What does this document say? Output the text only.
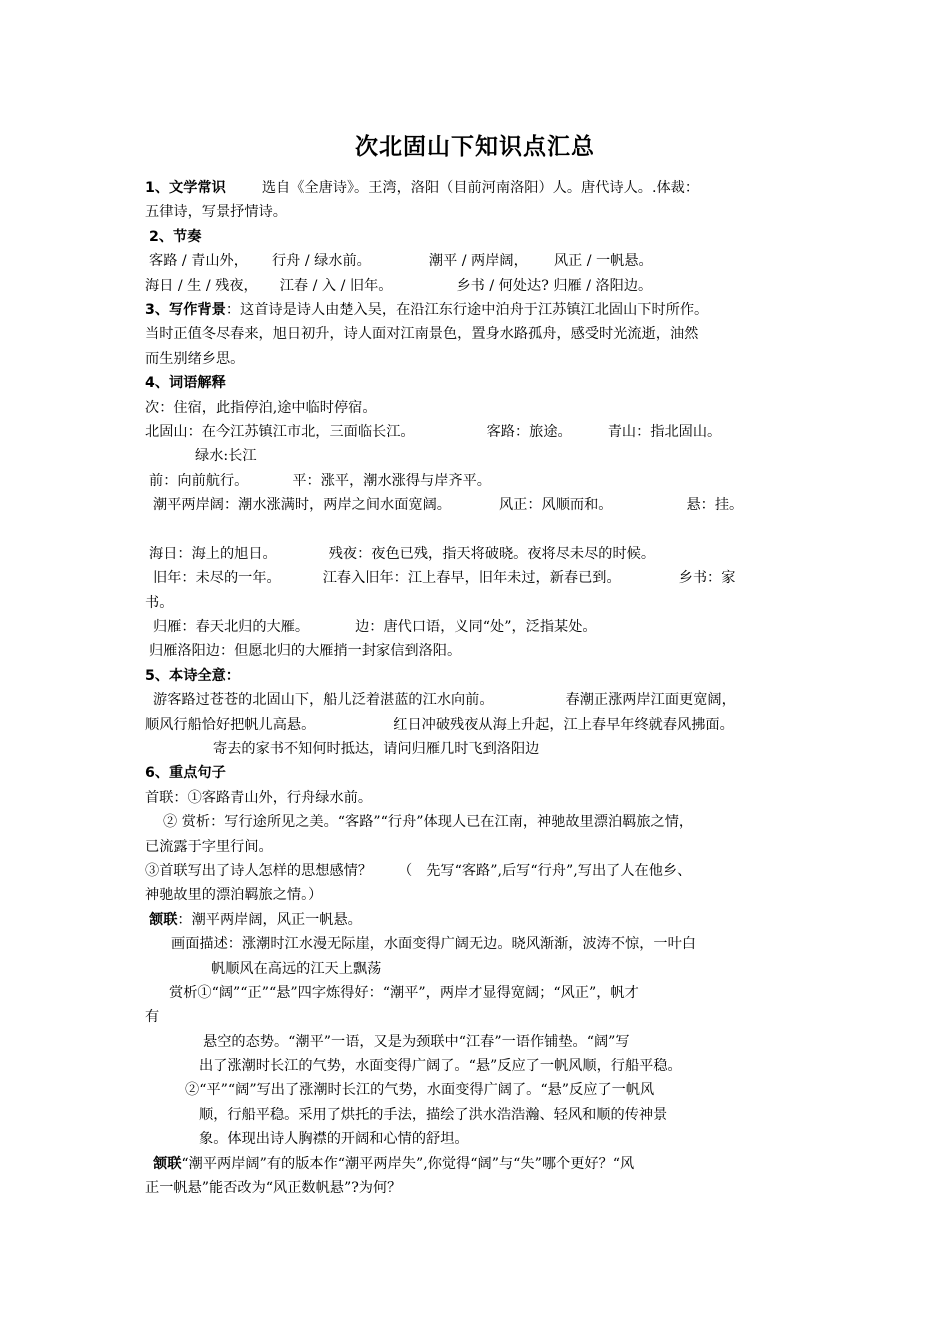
次北固山下知识点汇总
1、文学常识	选自《全唐诗》。王湾，洛阳（目前河南洛阳）人。唐代诗人。.体裁：
五律诗，写景抒情诗。
2、节奏
客路 / 青山外， 行舟 / 绿水前。	潮平 / 两岸阔， 风正 / 一帆悬。
海日 / 生 / 残夜， 江春 / 入 / 旧年。	乡书 / 何处达? 归雁 / 洛阳边。
3、写作背景：这首诗是诗人由楚入吴，在沿江东行途中泊舟于江苏镇江北固山下时所作。
当时正值冬尽春来，旭日初升，诗人面对江南景色，置身水路孤舟，感受时光流逝，油然
而生别绪乡思。
4、词语解释
次：住宿，此指停泊,途中临时停宿。
北固山：在今江苏镇江市北，三面临长江。	客路：旅途。	青山：指北固山。
绿水:长江
前：向前航行。	平：涨平，潮水涨得与岸齐平。
潮平两岸阔：潮水涨满时，两岸之间水面宽阔。	风正：风顺而和。	悬：挂。
海日：海上的旭日。	残夜：夜色已残，指天将破晓。夜将尽未尽的时候。
旧年：未尽的一年。	江春入旧年：江上春早，旧年未过，新春已到。	乡书：家
书。
归雁：春天北归的大雁。	边：唐代口语，义同“处”，泛指某处。
归雁洛阳边：但愿北归的大雁捎一封家信到洛阳。
5、本诗全意：
游客路过苍苍的北固山下，船儿泛着湛蓝的江水向前。	春潮正涨两岸江面更宽阔，
顺风行船恰好把帆儿高悬。	红日冲破残夜从海上升起，江上春早年终就春风拂面。
寄去的家书不知何时抵达，请问归雁几时飞到洛阳边
6、重点句子
首联：①客路青山外，行舟绿水前。
② 赏析：写行途所见之美。“客路”“行舟”体现人已在江南，神驰故里漂泊羁旅之情，
已流露于字里行间。
③首联写出了诗人怎样的思想感情？ （ 先写“客路”,后写“行舟”,写出了人在他乡、
神驰故里的漂泊羁旅之情。）
颔联：潮平两岸阔，风正一帆悬。
画面描述：涨潮时江水漫无际崖，水面变得广阔无边。晓风渐渐，波涛不惊，一叶白
帆顺风在高远的江天上飘荡
赏析①“阔”“正”“悬”四字炼得好：“潮平”，两岸才显得宽阔；“风正”，帆才
有
悬空的态势。“潮平”一语，又是为颈联中“江春”一语作铺垫。“阔”写
出了涨潮时长江的气势，水面变得广阔了。“悬”反应了一帆风顺，行船平稳。
②“平”“阔”写出了涨潮时长江的气势，水面变得广阔了。“悬”反应了一帆风
顺，行船平稳。采用了烘托的手法，描绘了洪水浩浩瀚、轻风和顺的传神景
象。体现出诗人胸襟的开阔和心情的舒坦。
颔联“潮平两岸阔”有的版本作“潮平两岸失”,你觉得“阔”与“失”哪个更好？“风
正一帆悬”能否改为“风正数帆悬”?为何？
